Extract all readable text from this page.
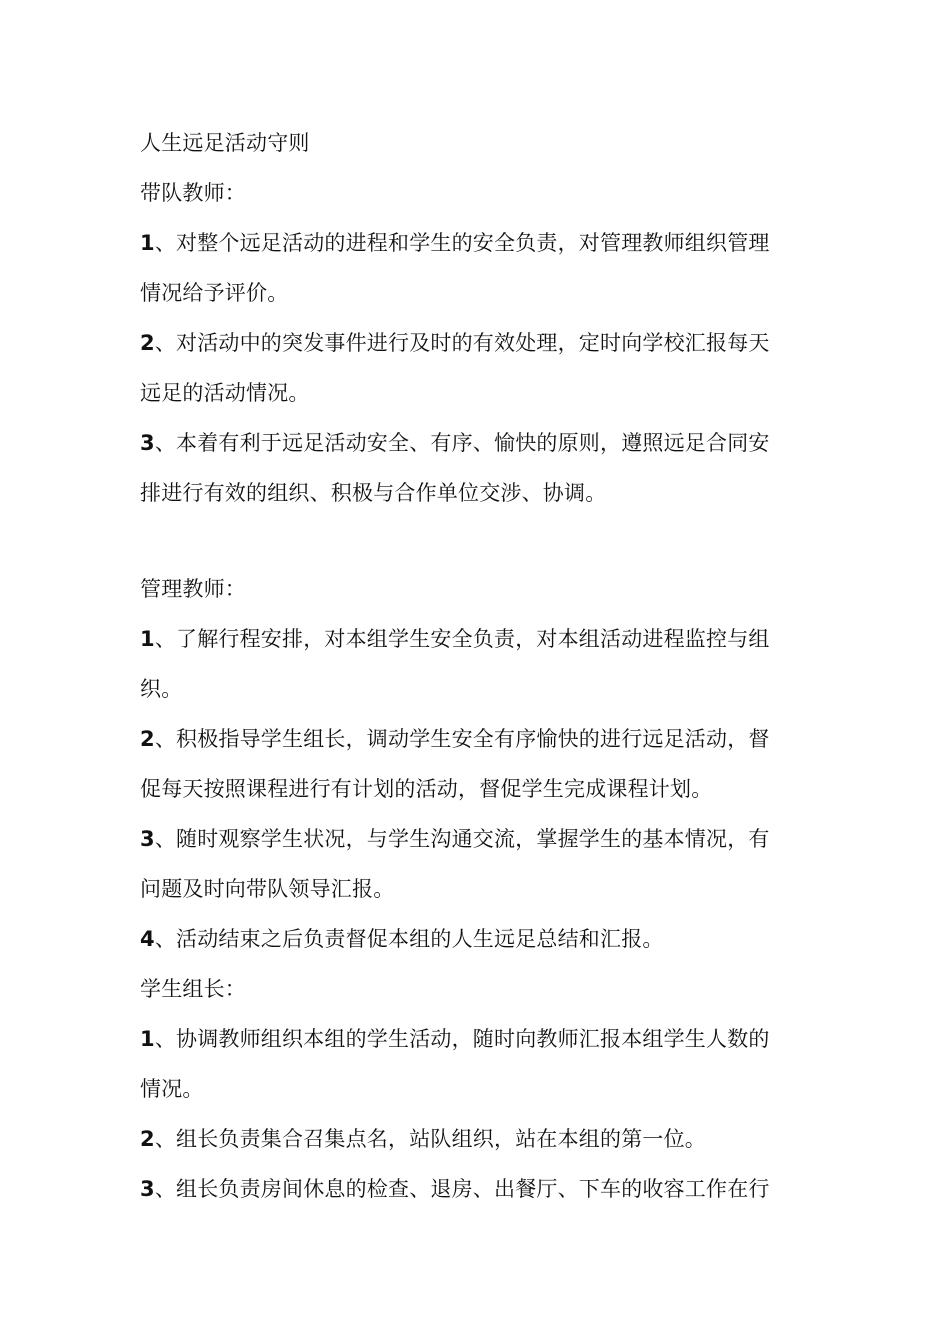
人生远足活动守则
带队教师：
1、对整个远足活动的进程和学生的安全负责，对管理教师组织管理
情况给予评价。
2、对活动中的突发事件进行及时的有效处理，定时向学校汇报每天
远足的活动情况。
3、本着有利于远足活动安全、有序、愉快的原则，遵照远足合同安
排进行有效的组织、积极与合作单位交涉、协调。
管理教师：
1、了解行程安排，对本组学生安全负责，对本组活动进程监控与组
织。
2、积极指导学生组长，调动学生安全有序愉快的进行远足活动，督
促每天按照课程进行有计划的活动，督促学生完成课程计划。
3、随时观察学生状况，与学生沟通交流，掌握学生的基本情况，有
问题及时向带队领导汇报。
4、活动结束之后负责督促本组的人生远足总结和汇报。
学生组长：
1、协调教师组织本组的学生活动，随时向教师汇报本组学生人数的
情况。
2、组长负责集合召集点名，站队组织，站在本组的第一位。
3、组长负责房间休息的检查、退房、出餐厅、下车的收容工作在行
